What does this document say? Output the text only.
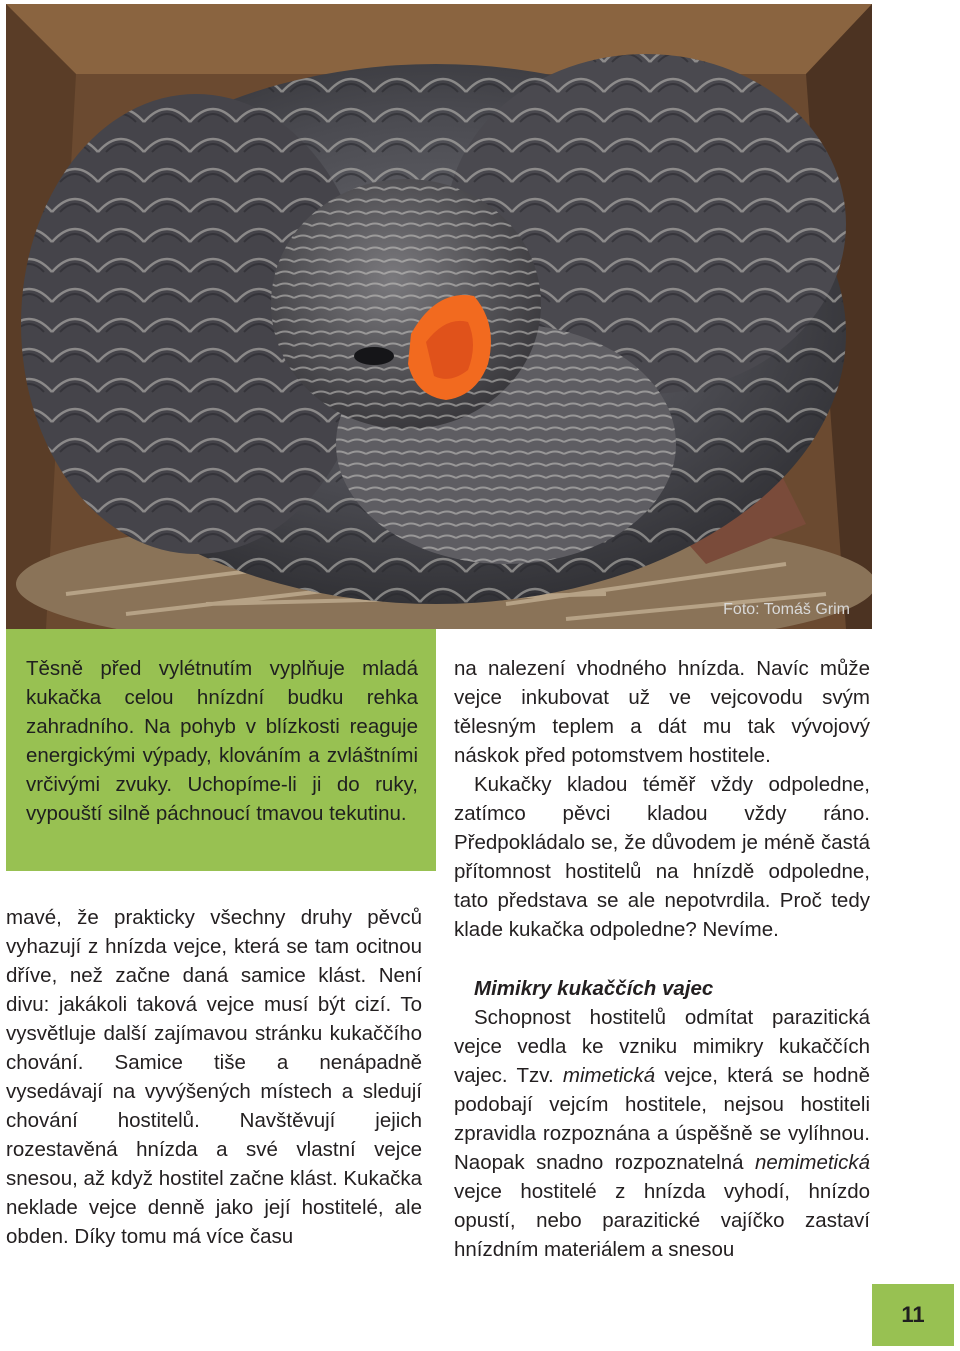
Foto: Tomáš Grim
Těsně před vylétnutím vyplňuje mladá kukačka celou hnízdní budku rehka zahradního. Na pohyb v blízkosti reaguje energickými výpady, klováním a zvláštními vrčivými zvuky. Uchopíme-li ji do ruky, vypouští silně páchnoucí tmavou tekutinu.

mavé, že prakticky všechny druhy pěvců vyhazují z hnízda vejce, která se tam ocitnou dříve, než začne daná samice klást. Není divu: jakákoli taková vejce musí být cizí. To vysvětluje další zajímavou stránku kukaččího chování. Samice tiše a nenápadně vysedávají na vyvýšených místech a sledují chování hostitelů. Navštěvují jejich rozestavěná hnízda a své vlastní vejce snesou, až když hostitel začne klást. Kukačka neklade vejce denně jako její hostitelé, ale obden. Díky tomu má více času

na nalezení vhodného hnízda. Navíc může vejce inkubovat už ve vejcovodu svým tělesným teplem a dát mu tak vývojový náskok před potomstvem hostitele.

Kukačky kladou téměř vždy odpoledne, zatímco pěvci kladou vždy ráno. Předpokládalo se, že důvodem je méně častá přítomnost hostitelů na hnízdě odpoledne, tato představa se ale nepotvrdila. Proč tedy klade kukačka odpoledne? Nevíme.

Mimikry kukaččích vajec

Schopnost hostitelů odmítat parazitická vejce vedla ke vzniku mimikry kukaččích vajec. Tzv. mimetická vejce, která se hodně podobají vejcím hostitele, nejsou hostiteli zpravidla rozpoznána a úspěšně se vylíhnou. Naopak snadno rozpoznatelná nemimetická vejce hostitelé z hnízda vyhodí, hnízdo opustí, nebo parazitické vajíčko zastaví hnízdním materiálem a snesou

11
